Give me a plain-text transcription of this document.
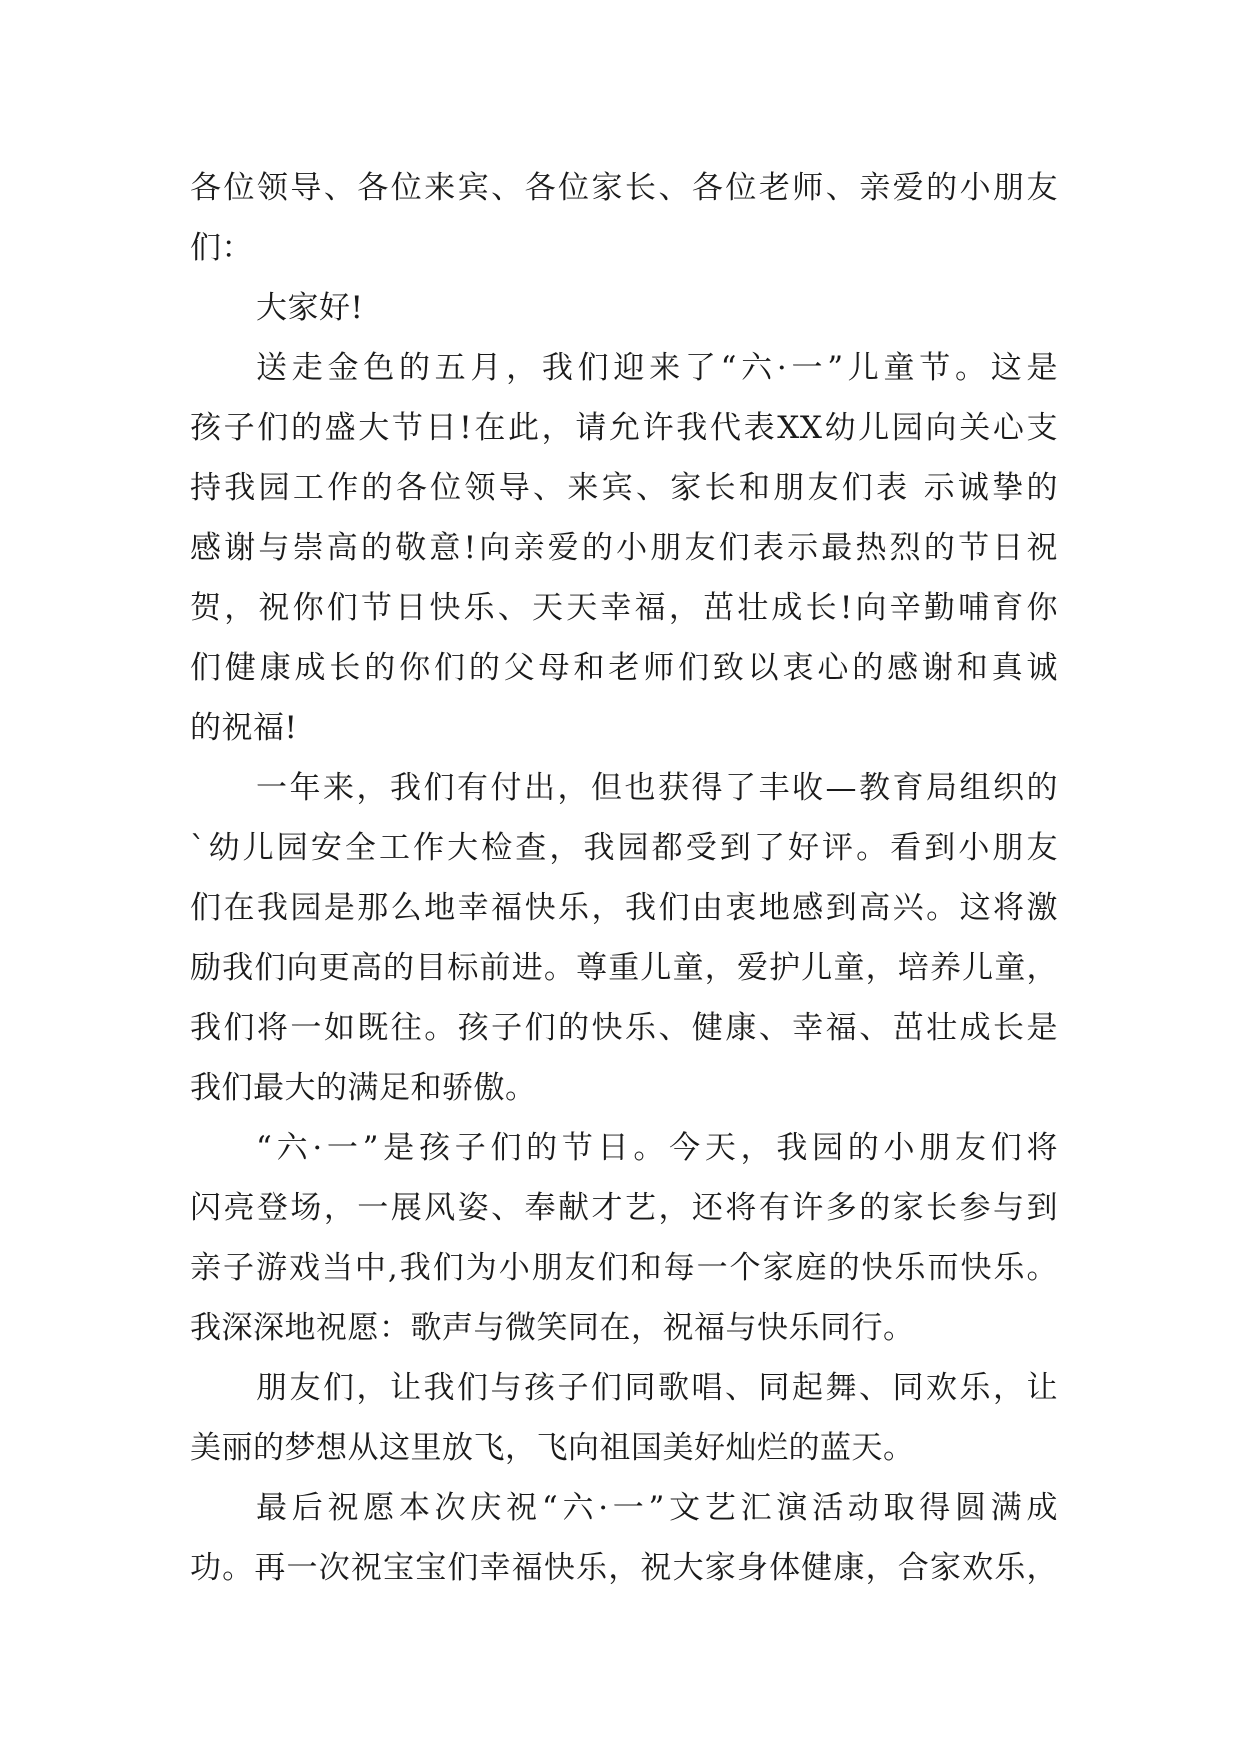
各位领导、各位来宾、各位家长、各位老师、亲爱的小朋友
们：
大家好!
送走金色的五月，我们迎来了“六·一”儿童节。这是
孩子们的盛大节日!在此，请允许我代表XX幼儿园向关心支
持我园工作的各位领导、来宾、家长和朋友们表 示诚挚的
感谢与崇高的敬意!向亲爱的小朋友们表示最热烈的节日祝
贺，祝你们节日快乐、天天幸福，茁壮成长!向辛勤哺育你
们健康成长的你们的父母和老师们致以衷心的感谢和真诚
的祝福!
一年来，我们有付出，但也获得了丰收—教育局组织的
`幼儿园安全工作大检查，我园都受到了好评。看到小朋友
们在我园是那么地幸福快乐，我们由衷地感到高兴。这将激
励我们向更高的目标前进。尊重儿童，爱护儿童，培养儿童，
我们将一如既往。孩子们的快乐、健康、幸福、茁壮成长是
我们最大的满足和骄傲。
“六·一”是孩子们的节日。今天，我园的小朋友们将
闪亮登场，一展风姿、奉献才艺，还将有许多的家长参与到
亲子游戏当中,我们为小朋友们和每一个家庭的快乐而快乐。
我深深地祝愿：歌声与微笑同在，祝福与快乐同行。
朋友们，让我们与孩子们同歌唱、同起舞、同欢乐，让
美丽的梦想从这里放飞，飞向祖国美好灿烂的蓝天。
最后祝愿本次庆祝“六·一”文艺汇演活动取得圆满成
功。再一次祝宝宝们幸福快乐，祝大家身体健康，合家欢乐，
